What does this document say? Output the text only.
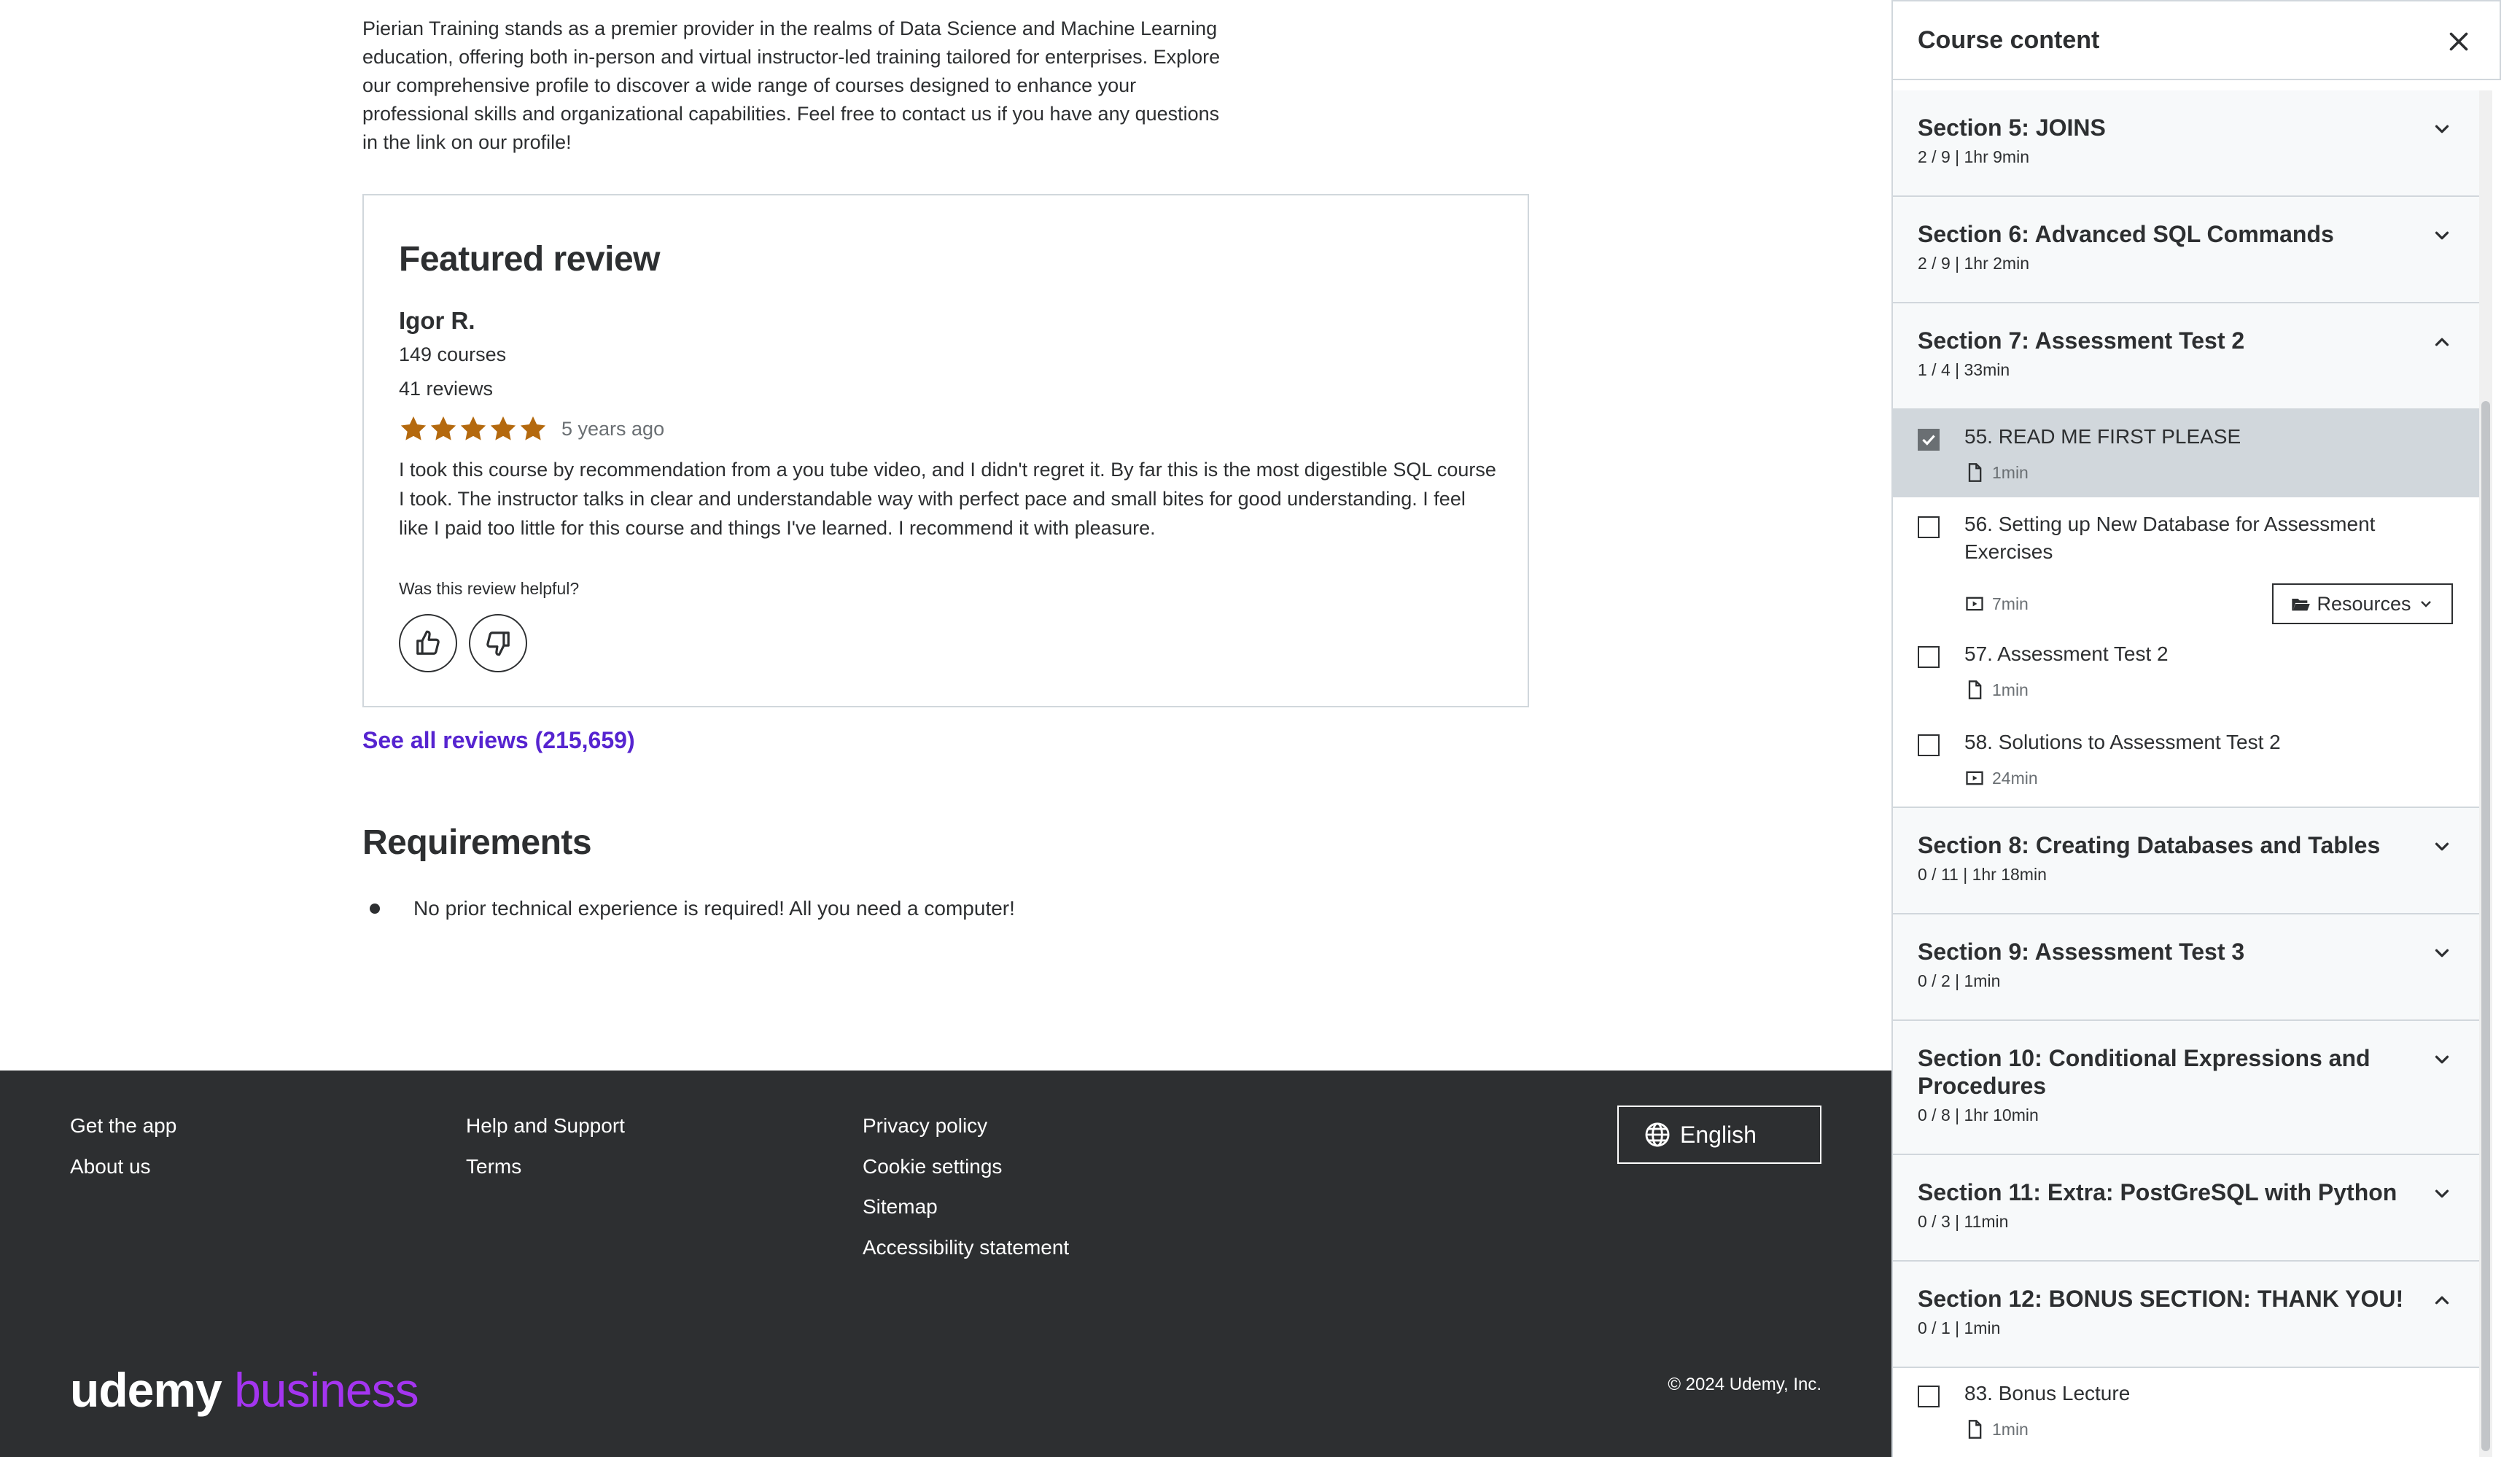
Pierian Training stands as a premier provider in the realms of Data Science and Machine Learning education, offering both in-person and virtual instructor-led training tailored for enterprises. Explore our comprehensive profile to discover a wide range of courses designed to enhance your professional skills and organizational capabilities. Feel free to contact us if you have any questions in the link on our profile!

Featured review
Igor R.
149 courses
41 reviews
5 years ago

I took this course by recommendation from a you tube video, and I didn't regret it. By far this is the most digestible SQL course I took. The instructor talks in clear and understandable way with perfect pace and small bites for good understanding. I feel like I paid too little for this course and things I've learned. I recommend it with pleasure.

Was this review helpful?
See all reviews (215,659)
Requirements
No prior technical experience is required! All you need a computer!
Get the app
About us
Help and Support
Terms
Privacy policy
Cookie settings
Sitemap
Accessibility statement
English
udemy business	© 2024 Udemy, Inc.
Course content
Section 5: JOINS
2 / 9 | 1hr 9min
Section 6: Advanced SQL Commands
2 / 9 | 1hr 2min
Section 7: Assessment Test 2
1 / 4 | 33min
55. READ ME FIRST PLEASE
1min
56. Setting up New Database for Assessment Exercises
7min	Resources
57. Assessment Test 2
1min
58. Solutions to Assessment Test 2
24min
Section 8: Creating Databases and Tables
0 / 11 | 1hr 18min
Section 9: Assessment Test 3
0 / 2 | 1min
Section 10: Conditional Expressions and Procedures
0 / 8 | 1hr 10min
Section 11: Extra: PostGreSQL with Python
0 / 3 | 11min
Section 12: BONUS SECTION: THANK YOU!
0 / 1 | 1min
83. Bonus Lecture
1min
